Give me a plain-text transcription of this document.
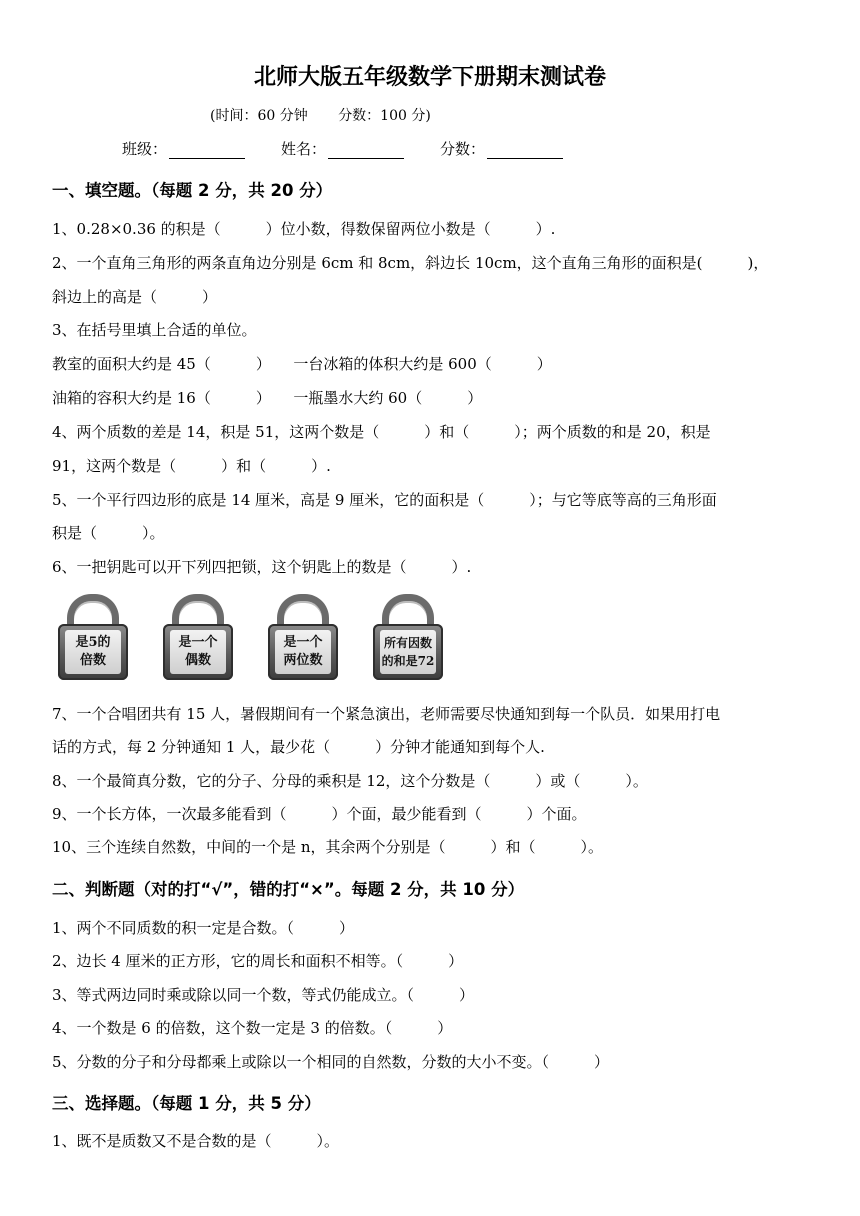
北师大版五年级数学下册期末测试卷
(时间：60 分钟 分数：100 分)
班级：	姓名：	分数：
一、填空题。（每题 2 分，共 20 分）
1、0.28×0.36 的积是（　　　）位小数，得数保留两位小数是（　　　）.
2、一个直角三角形的两条直角边分别是 6cm 和 8cm，斜边长 10cm，这个直角三角形的面积是(　　　)，
斜边上的高是（　　　）
3、在括号里填上合适的单位。
教室的面积大约是 45（　　　）　　一台冰箱的体积大约是 600（　　　）
油箱的容积大约是 16（　　　）　　一瓶墨水大约 60（　　　）
4、两个质数的差是 14，积是 51，这两个数是（　　　）和（　　　）；两个质数的和是 20，积是
91，这两个数是（　　　）和（　　　）.
5、一个平行四边形的底是 14 厘米，高是 9 厘米，它的面积是（　　　）；与它等底等高的三角形面
积是（　　　）。
6、一把钥匙可以开下列四把锁，这个钥匙上的数是（　　　）.
是5的
倍数
是一个
偶数
是一个
两位数
所有因数
的和是72
7、一个合唱团共有 15 人，暑假期间有一个紧急演出，老师需要尽快通知到每一个队员．如果用打电
话的方式，每 2 分钟通知 1 人，最少花（　　　）分钟才能通知到每个人.
8、一个最简真分数，它的分子、分母的乘积是 12，这个分数是（　　　）或（　　　）。
9、一个长方体，一次最多能看到（　　　）个面，最少能看到（　　　）个面。
10、三个连续自然数，中间的一个是 n，其余两个分别是（　　　）和（　　　）。
二、判断题（对的打“√”，错的打“×”。每题 2 分，共 10 分）
1、两个不同质数的积一定是合数。（　　　）
2、边长 4 厘米的正方形，它的周长和面积不相等。（　　　）
3、等式两边同时乘或除以同一个数，等式仍能成立。（　　　）
4、一个数是 6 的倍数，这个数一定是 3 的倍数。（　　　）
5、分数的分子和分母都乘上或除以一个相同的自然数，分数的大小不变。（　　　）
三、选择题。（每题 1 分，共 5 分）
1、既不是质数又不是合数的是（　　　）。
